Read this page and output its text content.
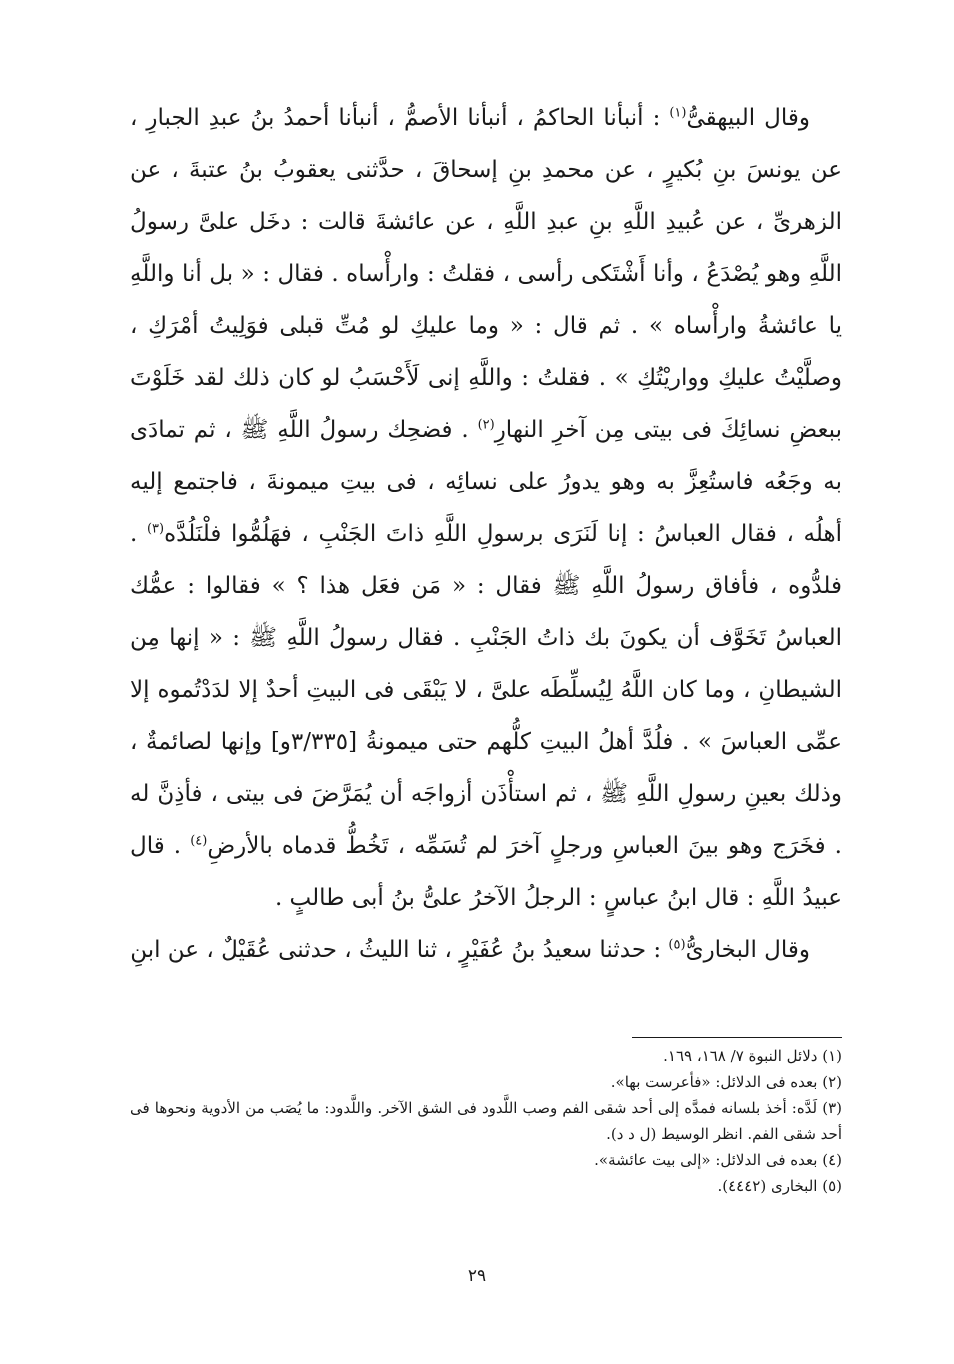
وقال البيهقىُّ$^{(١)}$ : أنبأنا الحاكمُ ، أنبأنا الأصمُّ ، أنبأنا أحمدُ بنُ عبدِ الجبارِ ، عن يونسَ بنِ بُكيرٍ ، عن محمدِ بنِ إسحاقَ ، حدَّثنى يعقوبُ بنُ عتبةَ ، عن الزهرىِّ ، عن عُبيدِ اللَّهِ بنِ عبدِ اللَّهِ ، عن عائشةَ قالت : دخَل علىَّ رسولُ اللَّهِ وهو يُصْدَعُ ، وأنا أَشْتَكى رأسى ، فقلتُ : وارأْساه . فقال : « بل أنا واللَّهِ يا عائشةُ وارأْساه » . ثم قال : « وما عليكِ لو مُتِّ قبلى فوَلِيتُ أمْرَكِ ، وصلَّيْتُ عليكِ وواريْتُكِ » . فقلتُ : واللَّهِ إنى لَأَحْسَبُ لو كان ذلك لقد خَلَوْتَ ببعضِ نسائِكَ فى بيتى مِن آخرِ النهارِ$^{(٢)}$ . فضحِك رسولُ اللَّهِ ﷺ ، ثم تمادَى به وجَعُه فاستُعِزَّ به وهو يدورُ على نسائِه ، فى بيتِ ميمونةَ ، فاجتمع إليه أهلُه ، فقال العباسُ : إنا لَنَرَى برسولِ اللَّهِ ذاتَ الجَنْبِ ، فهَلُمُّوا فلْنَلُدَّه$^{(٣)}$ . فلدُّوه ، فأفاق رسولُ اللَّهِ ﷺ فقال : « مَن فعَل هذا ؟ » فقالوا : عمُّك العباسُ تَخَوَّف أن يكونَ بك ذاتُ الجَنْبِ . فقال رسولُ اللَّهِ ﷺ : « إنها مِن الشيطانِ ، وما كان اللَّهُ لِيُسلِّطَه علىَّ ، لا يَبْقَى فى البيتِ أحدٌ إلا لدَدْتُموه إلا عمِّى العباسَ » . فلُدَّ أهلُ البيتِ كلُّهم حتى ميمونةُ [٣/٣٣٥و] وإنها لصائمةٌ ، وذلك بعينِ رسولِ اللَّهِ ﷺ ، ثم استأْذَن أزواجَه أن يُمَرَّضَ فى بيتى ، فأذِنَّ له . فخَرَج وهو بينَ العباسِ ورجلٍ آخرَ لم تُسَمِّه ، تَخُطُّ قدماه بالأرضِ$^{(٤)}$ . قال عبيدُ اللَّهِ : قال ابنُ عباسٍ : الرجلُ الآخرُ علىُّ بنُ أبى طالبٍ .

وقال البخارىُّ$^{(٥)}$ : حدثنا سعيدُ بنُ عُفَيْرٍ ، ثنا الليثُ ، حدثنى عُقَيْلٌ ، عن ابنِ

(١) دلائل النبوة ٧/ ١٦٨، ١٦٩.

(٢) بعده فى الدلائل: «فأعرست بها».

(٣) لَدَّه: أخذ بلسانه فمدَّه إلى أحد شقى الفم وصب اللَّدود فى الشق الآخر. واللَّدود: ما يُصَب من الأدوية ونحوها فى أحد شقى الفم. انظر الوسيط (ل د د).

(٤) بعده فى الدلائل: «إلى بيت عائشة».

(٥) البخارى (٤٤٤٢).

٢٩
